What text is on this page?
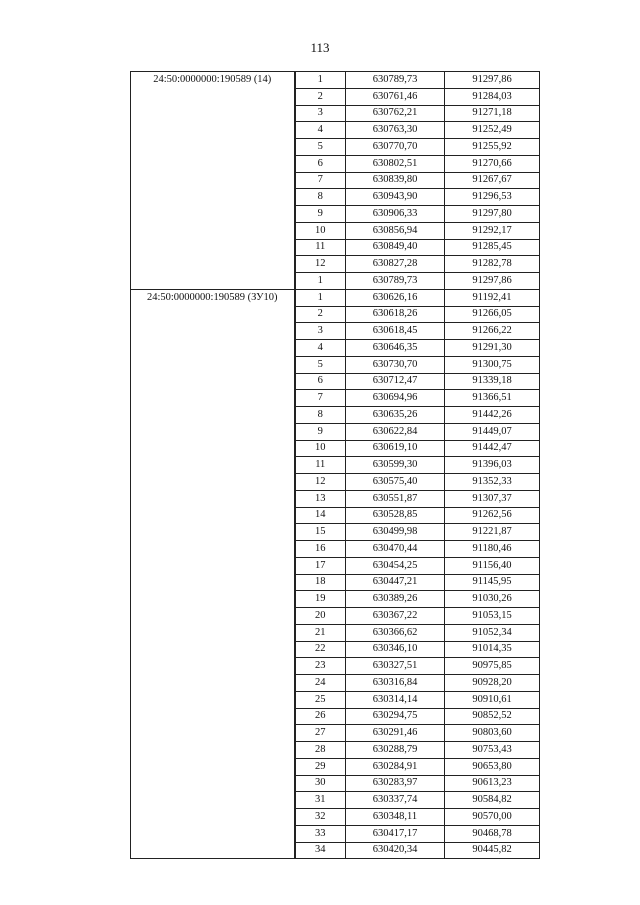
113
24:50:0000000:190589 (14)	1	630789,73	91297,86
	2	630761,46	91284,03
	3	630762,21	91271,18
	4	630763,30	91252,49
	5	630770,70	91255,92
	6	630802,51	91270,66
	7	630839,80	91267,67
	8	630943,90	91296,53
	9	630906,33	91297,80
	10	630856,94	91292,17
	11	630849,40	91285,45
	12	630827,28	91282,78
	1	630789,73	91297,86
24:50:0000000:190589 (ЗУ10)	1	630626,16	91192,41
	2	630618,26	91266,05
	3	630618,45	91266,22
	4	630646,35	91291,30
	5	630730,70	91300,75
	6	630712,47	91339,18
	7	630694,96	91366,51
	8	630635,26	91442,26
	9	630622,84	91449,07
	10	630619,10	91442,47
	11	630599,30	91396,03
	12	630575,40	91352,33
	13	630551,87	91307,37
	14	630528,85	91262,56
	15	630499,98	91221,87
	16	630470,44	91180,46
	17	630454,25	91156,40
	18	630447,21	91145,95
	19	630389,26	91030,26
	20	630367,22	91053,15
	21	630366,62	91052,34
	22	630346,10	91014,35
	23	630327,51	90975,85
	24	630316,84	90928,20
	25	630314,14	90910,61
	26	630294,75	90852,52
	27	630291,46	90803,60
	28	630288,79	90753,43
	29	630284,91	90653,80
	30	630283,97	90613,23
	31	630337,74	90584,82
	32	630348,11	90570,00
	33	630417,17	90468,78
	34	630420,34	90445,82
